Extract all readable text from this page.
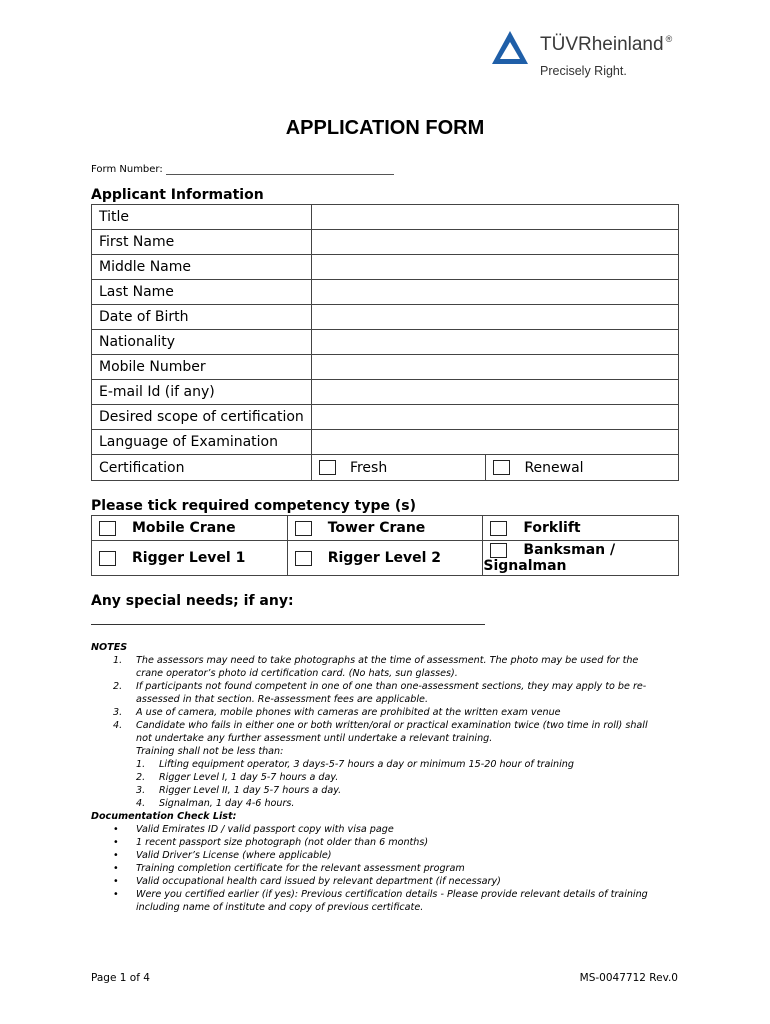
TÜVRheinland ®
Precisely Right.
APPLICATION FORM
Form Number:
Applicant Information
Title		
First Name		
Middle Name		
Last Name		
Date of Birth		
Nationality		
Mobile Number		
E-mail Id (if any)		
Desired scope of certification		
Language of Examination		
Certification	Fresh	Renewal
Please tick required competency type (s)
Mobile Crane	Tower Crane	Forklift
Rigger Level 1	Rigger Level 2	Banksman /
Signalman
Any special needs; if any:
NOTES
1. The assessors may need to take photographs at the time of assessment. The photo may be used for the
crane operator’s photo id certification card. (No hats, sun glasses).
2. If participants not found competent in one of one than one-assessment sections, they may apply to be re-
assessed in that section. Re-assessment fees are applicable.
3. A use of camera, mobile phones with cameras are prohibited at the written exam venue
4. Candidate who fails in either one or both written/oral or practical examination twice (two time in roll) shall
not undertake any further assessment until undertake a relevant training.
Training shall not be less than:
1. Lifting equipment operator, 3 days-5-7 hours a day or minimum 15-20 hour of training
2. Rigger Level I, 1 day 5-7 hours a day.
3. Rigger Level II, 1 day 5-7 hours a day.
4. Signalman, 1 day 4-6 hours.
Documentation Check List:
• Valid Emirates ID / valid passport copy with visa page
• 1 recent passport size photograph (not older than 6 months)
• Valid Driver’s License (where applicable)
• Training completion certificate for the relevant assessment program
• Valid occupational health card issued by relevant department (if necessary)
• Were you certified earlier (if yes): Previous certification details - Please provide relevant details of training
including name of institute and copy of previous certificate.
Page 1 of 4	MS-0047712 Rev.0
